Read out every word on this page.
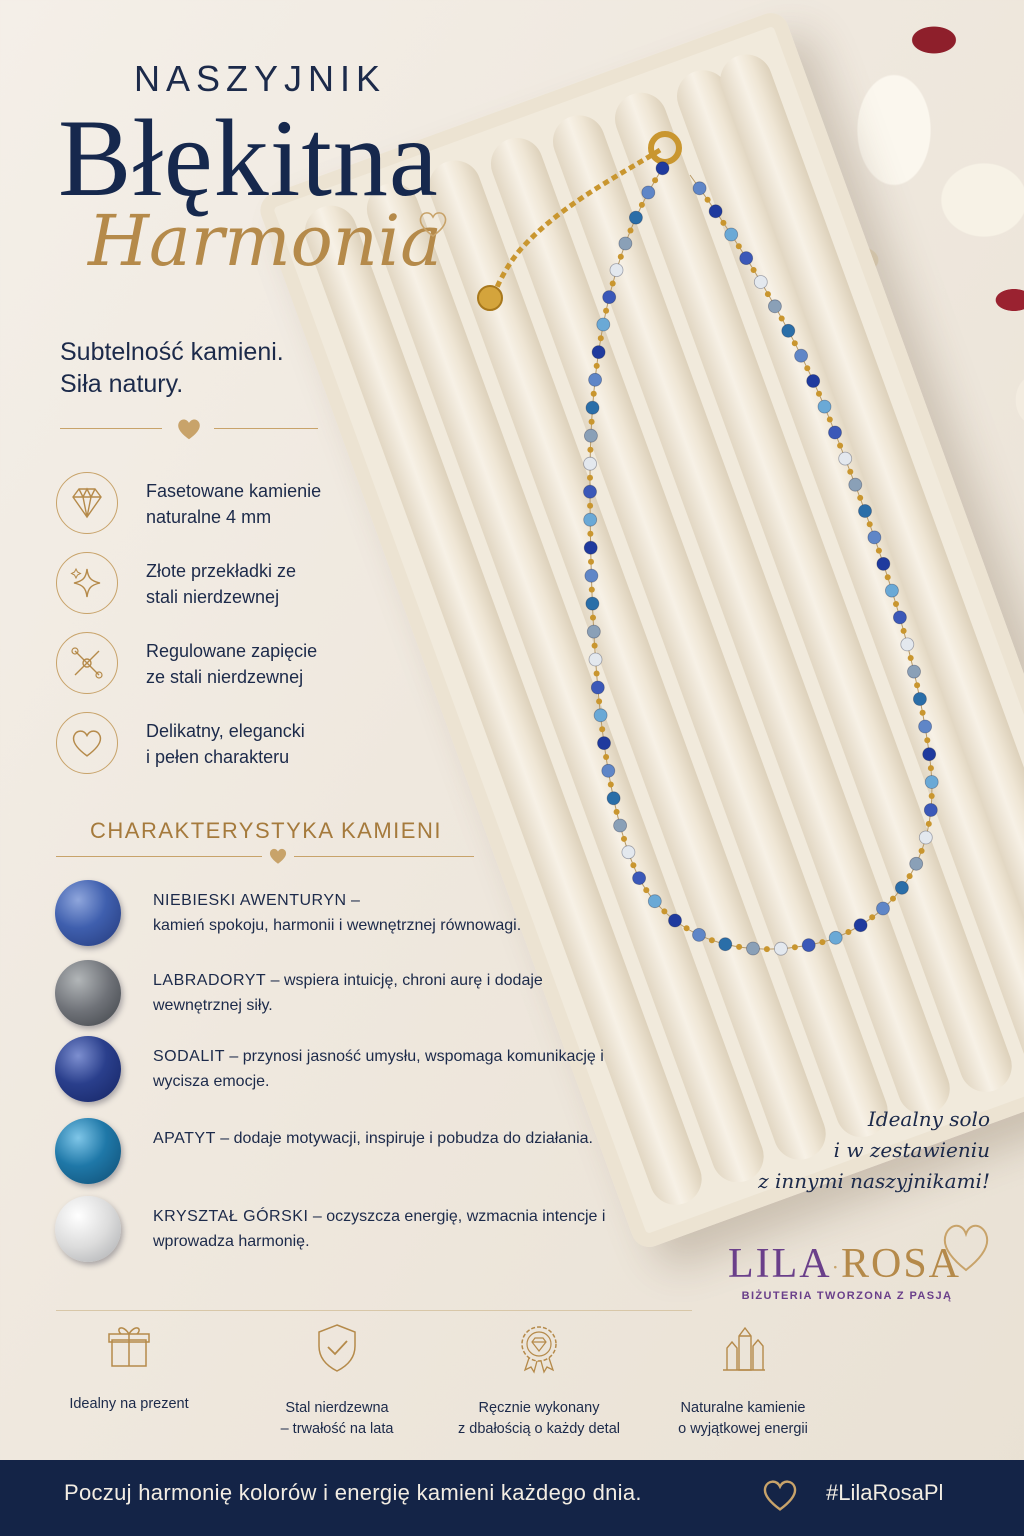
NASZYJNIK
Błękitna
Harmonia
Subtelność kamieni.
Siła natury.
Fasetowane kamienie
naturalne 4 mm
Złote przekładki ze
stali nierdzewnej
Regulowane zapięcie
ze stali nierdzewnej
Delikatny, elegancki
i pełen charakteru
CHARAKTERYSTYKA KAMIENI
NIEBIESKI AWENTURYN –
kamień spokoju, harmonii i wewnętrznej równowagi.
LABRADORYT – wspiera intuicję, chroni aurę i dodaje wewnętrznej siły.
SODALIT – przynosi jasność umysłu, wspomaga komunikację i wycisza emocje.
APATYT – dodaje motywacji, inspiruje i pobudza do działania.
KRYSZTAŁ GÓRSKI – oczyszcza energię, wzmacnia intencje i wprowadza harmonię.
Idealny solo
i w zestawieniu
z innymi naszyjnikami!
LILA·ROSA
BIŻUTERIA TWORZONA Z PASJĄ
Idealny na prezent	Stal nierdzewna
– trwałość na lata
Ręcznie wykonany
z dbałością o każdy detal
Naturalne kamienie
o wyjątkowej energii
Poczuj harmonię kolorów i energię kamieni każdego dnia.	#LilaRosaPl
